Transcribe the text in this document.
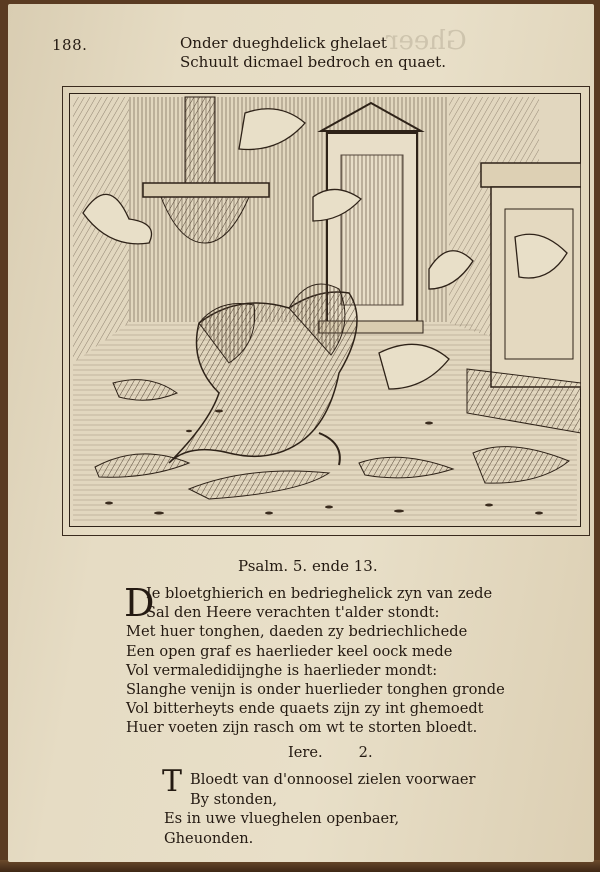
Gheer
188.	Onder dueghdelick ghelaet
Schuult dicmael bedroch en quaet.
Psalm. 5. ende 13.
D
Ie bloetghierich en bedrieghelick zyn van zede
Sal den Heere verachten t'alder stondt:
Met huer tonghen, daeden zy bedriechlichede
Een open graf es haerlieder keel oock mede
Vol vermaledidijnghe is haerlieder mondt:
Slanghe venijn is onder huerlieder tonghen gronde
Vol bitterheyts ende quaets zijn zy int ghemoedt
Huer voeten zijn rasch om wt te storten bloedt.
Iere. 2.
T Bloedt van d'onnoosel zielen voorwaer
By stonden,
Es in uwe vlueghelen openbaer,
Gheuonden.
